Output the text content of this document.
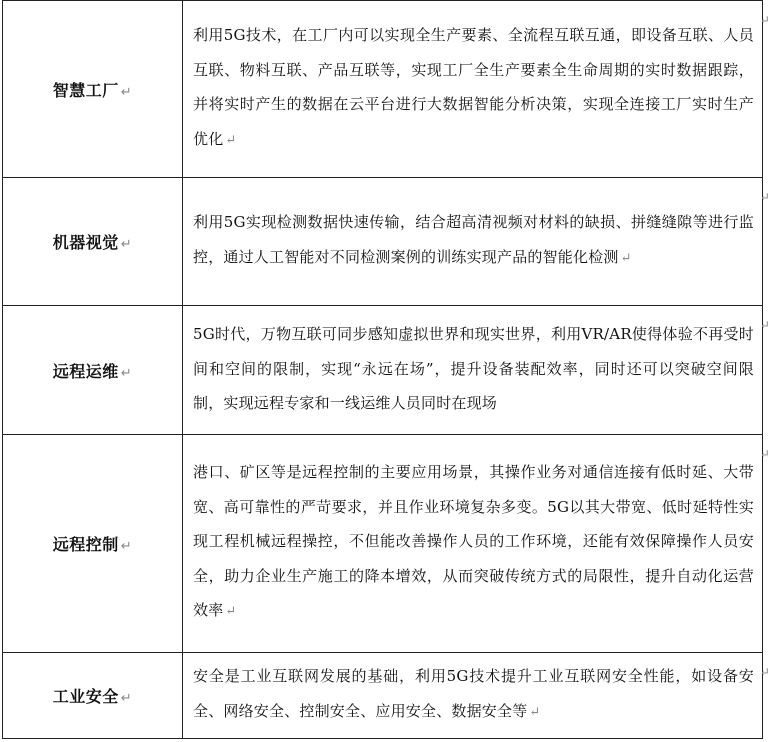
智慧工厂 ↵	利用5G技术，在工厂内可以实现全生产要素、全流程互联互通，即设备互联、人员互联、物料互联、产品互联等，实现工厂全生产要素全生命周期的实时数据跟踪，并将实时产生的数据在云平台进行大数据智能分析决策，实现全连接工厂实时生产优化 ↵
↵

机器视觉 ↵	利用5G实现检测数据快速传输，结合超高清视频对材料的缺损、拼缝缝隙等进行监控，通过人工智能对不同检测案例的训练实现产品的智能化检测 ↵
↵

远程运维 ↵	5G时代，万物互联可同步感知虚拟世界和现实世界，利用VR/AR使得体验不再受时间和空间的限制，实现“永远在场”，提升设备装配效率，同时还可以突破空间限制，实现远程专家和一线运维人员同时在现场
↵

远程控制 ↵	港口、矿区等是远程控制的主要应用场景，其操作业务对通信连接有低时延、大带宽、高可靠性的严苛要求，并且作业环境复杂多变。5G以其大带宽、低时延特性实现工程机械远程操控，不但能改善操作人员的工作环境，还能有效保障操作人员安全，助力企业生产施工的降本增效，从而突破传统方式的局限性，提升自动化运营效率 ↵
↵

工业安全 ↵	安全是工业互联网发展的基础，利用5G技术提升工业互联网安全性能，如设备安全、网络安全、控制安全、应用安全、数据安全等 ↵
↵
